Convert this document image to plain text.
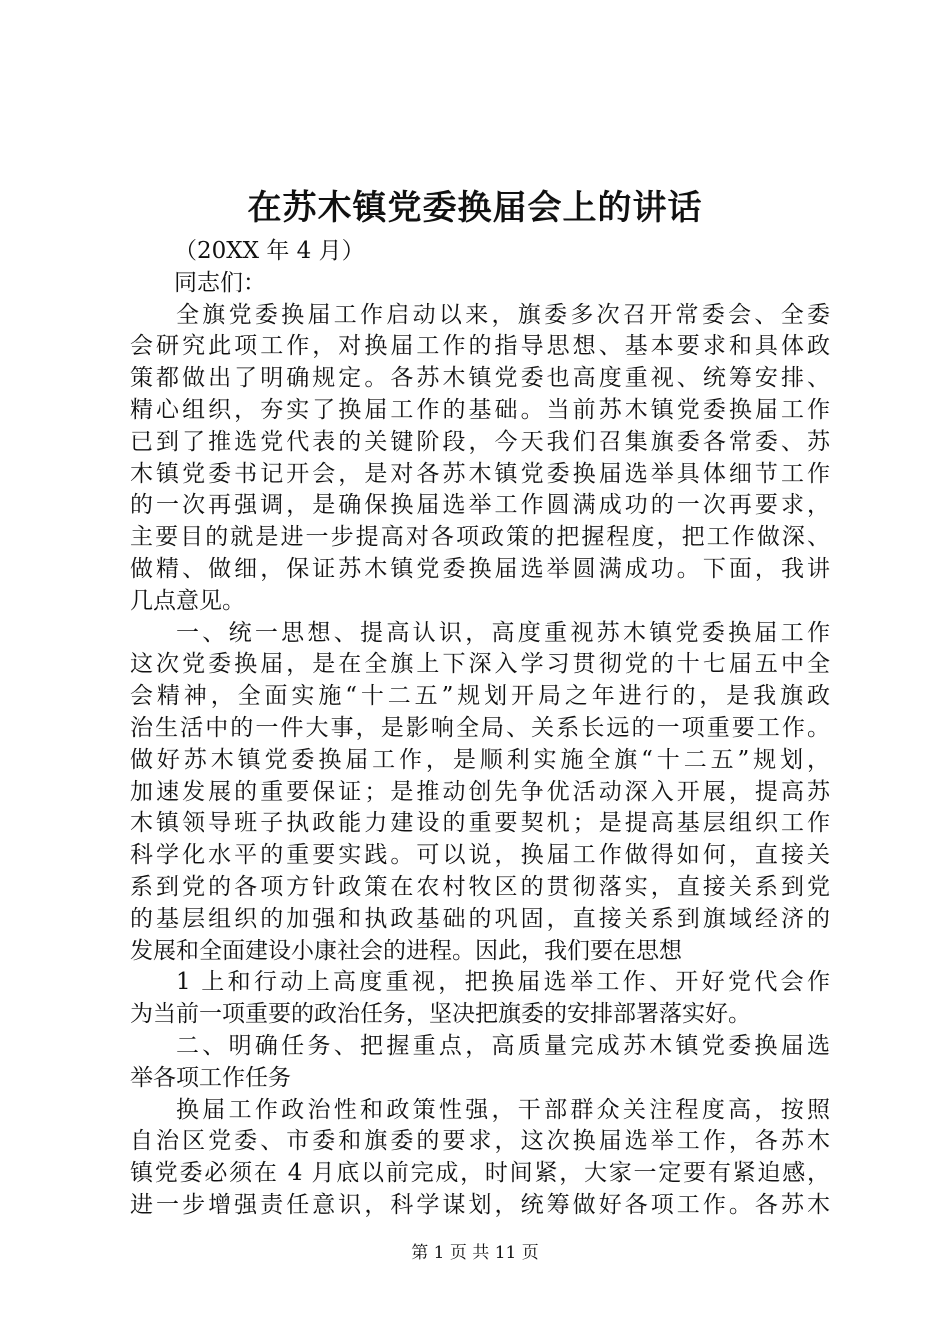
在苏木镇党委换届会上的讲话
（20XX 年 4 月）
同志们：
全旗党委换届工作启动以来，旗委多次召开常委会、全委
会研究此项工作，对换届工作的指导思想、基本要求和具体政
策都做出了明确规定。各苏木镇党委也高度重视、统筹安排、
精心组织，夯实了换届工作的基础。当前苏木镇党委换届工作
已到了推选党代表的关键阶段，今天我们召集旗委各常委、苏
木镇党委书记开会，是对各苏木镇党委换届选举具体细节工作
的一次再强调，是确保换届选举工作圆满成功的一次再要求，
主要目的就是进一步提高对各项政策的把握程度，把工作做深、
做精、做细，保证苏木镇党委换届选举圆满成功。下面，我讲
几点意见。
一、统一思想、提高认识，高度重视苏木镇党委换届工作
这次党委换届，是在全旗上下深入学习贯彻党的十七届五中全
会精神，全面实施“十二五”规划开局之年进行的，是我旗政
治生活中的一件大事，是影响全局、关系长远的一项重要工作。
做好苏木镇党委换届工作，是顺利实施全旗“十二五”规划，
加速发展的重要保证；是推动创先争优活动深入开展，提高苏
木镇领导班子执政能力建设的重要契机；是提高基层组织工作
科学化水平的重要实践。可以说，换届工作做得如何，直接关
系到党的各项方针政策在农村牧区的贯彻落实，直接关系到党
的基层组织的加强和执政基础的巩固，直接关系到旗域经济的
发展和全面建设小康社会的进程。因此，我们要在思想
1 上和行动上高度重视，把换届选举工作、开好党代会作
为当前一项重要的政治任务，坚决把旗委的安排部署落实好。
二、明确任务、把握重点，高质量完成苏木镇党委换届选
举各项工作任务
换届工作政治性和政策性强，干部群众关注程度高，按照
自治区党委、市委和旗委的要求，这次换届选举工作，各苏木
镇党委必须在 4 月底以前完成，时间紧，大家一定要有紧迫感，
进一步增强责任意识，科学谋划，统筹做好各项工作。各苏木
第 1 页 共 11 页
